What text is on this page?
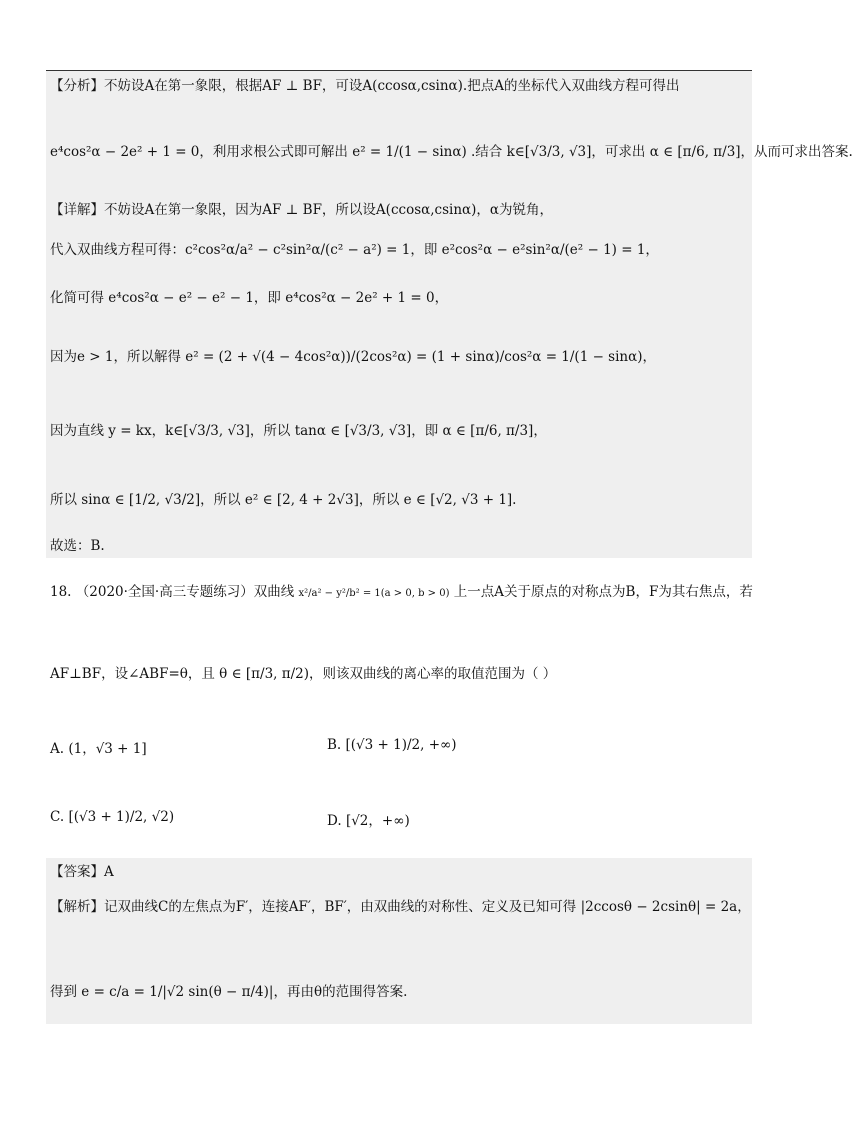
【分析】不妨设A在第一象限，根据AF ⊥ BF，可设A(ccosα,csinα).把点A的坐标代入双曲线方程可得出
e⁴cos²α − 2e² + 1 = 0，利用求根公式即可解出 e² = 1/(1 − sinα) .结合 k∈[√3/3, √3]，可求出 α ∈ [π/6, π/3]，从而可求出答案.
【详解】不妨设A在第一象限，因为AF ⊥ BF，所以设A(ccosα,csinα)，α为锐角，
代入双曲线方程可得：c²cos²α/a² − c²sin²α/(c² − a²) = 1，即 e²cos²α − e²sin²α/(e² − 1) = 1，
化简可得 e⁴cos²α − e² − e² − 1，即 e⁴cos²α − 2e² + 1 = 0，
因为e > 1，所以解得 e² = (2 + √(4 − 4cos²α))/(2cos²α) = (1 + sinα)/cos²α = 1/(1 − sinα)，
因为直线 y = kx，k∈[√3/3, √3]，所以 tanα ∈ [√3/3, √3]，即 α ∈ [π/6, π/3]，
所以 sinα ∈ [1/2, √3/2]，所以 e² ∈ [2, 4 + 2√3]，所以 e ∈ [√2, √3 + 1].
故选：B.
18. （2020·全国·高三专题练习）双曲线 x²/a² − y²/b² = 1(a > 0, b > 0) 上一点A关于原点的对称点为B，F为其右焦点，若
AF⊥BF，设∠ABF=θ，且 θ ∈ [π/3, π/2)，则该双曲线的离心率的取值范围为（ ）
A. (1，√3 + 1]	B. [(√3 + 1)/2, +∞)
C. [(√3 + 1)/2, √2)	D. [√2，+∞)
【答案】A
【解析】记双曲线C的左焦点为F′，连接AF′，BF′，由双曲线的对称性、定义及已知可得 |2ccosθ − 2csinθ| = 2a，
得到 e = c/a = 1/|√2 sin(θ − π/4)|，再由θ的范围得答案.
